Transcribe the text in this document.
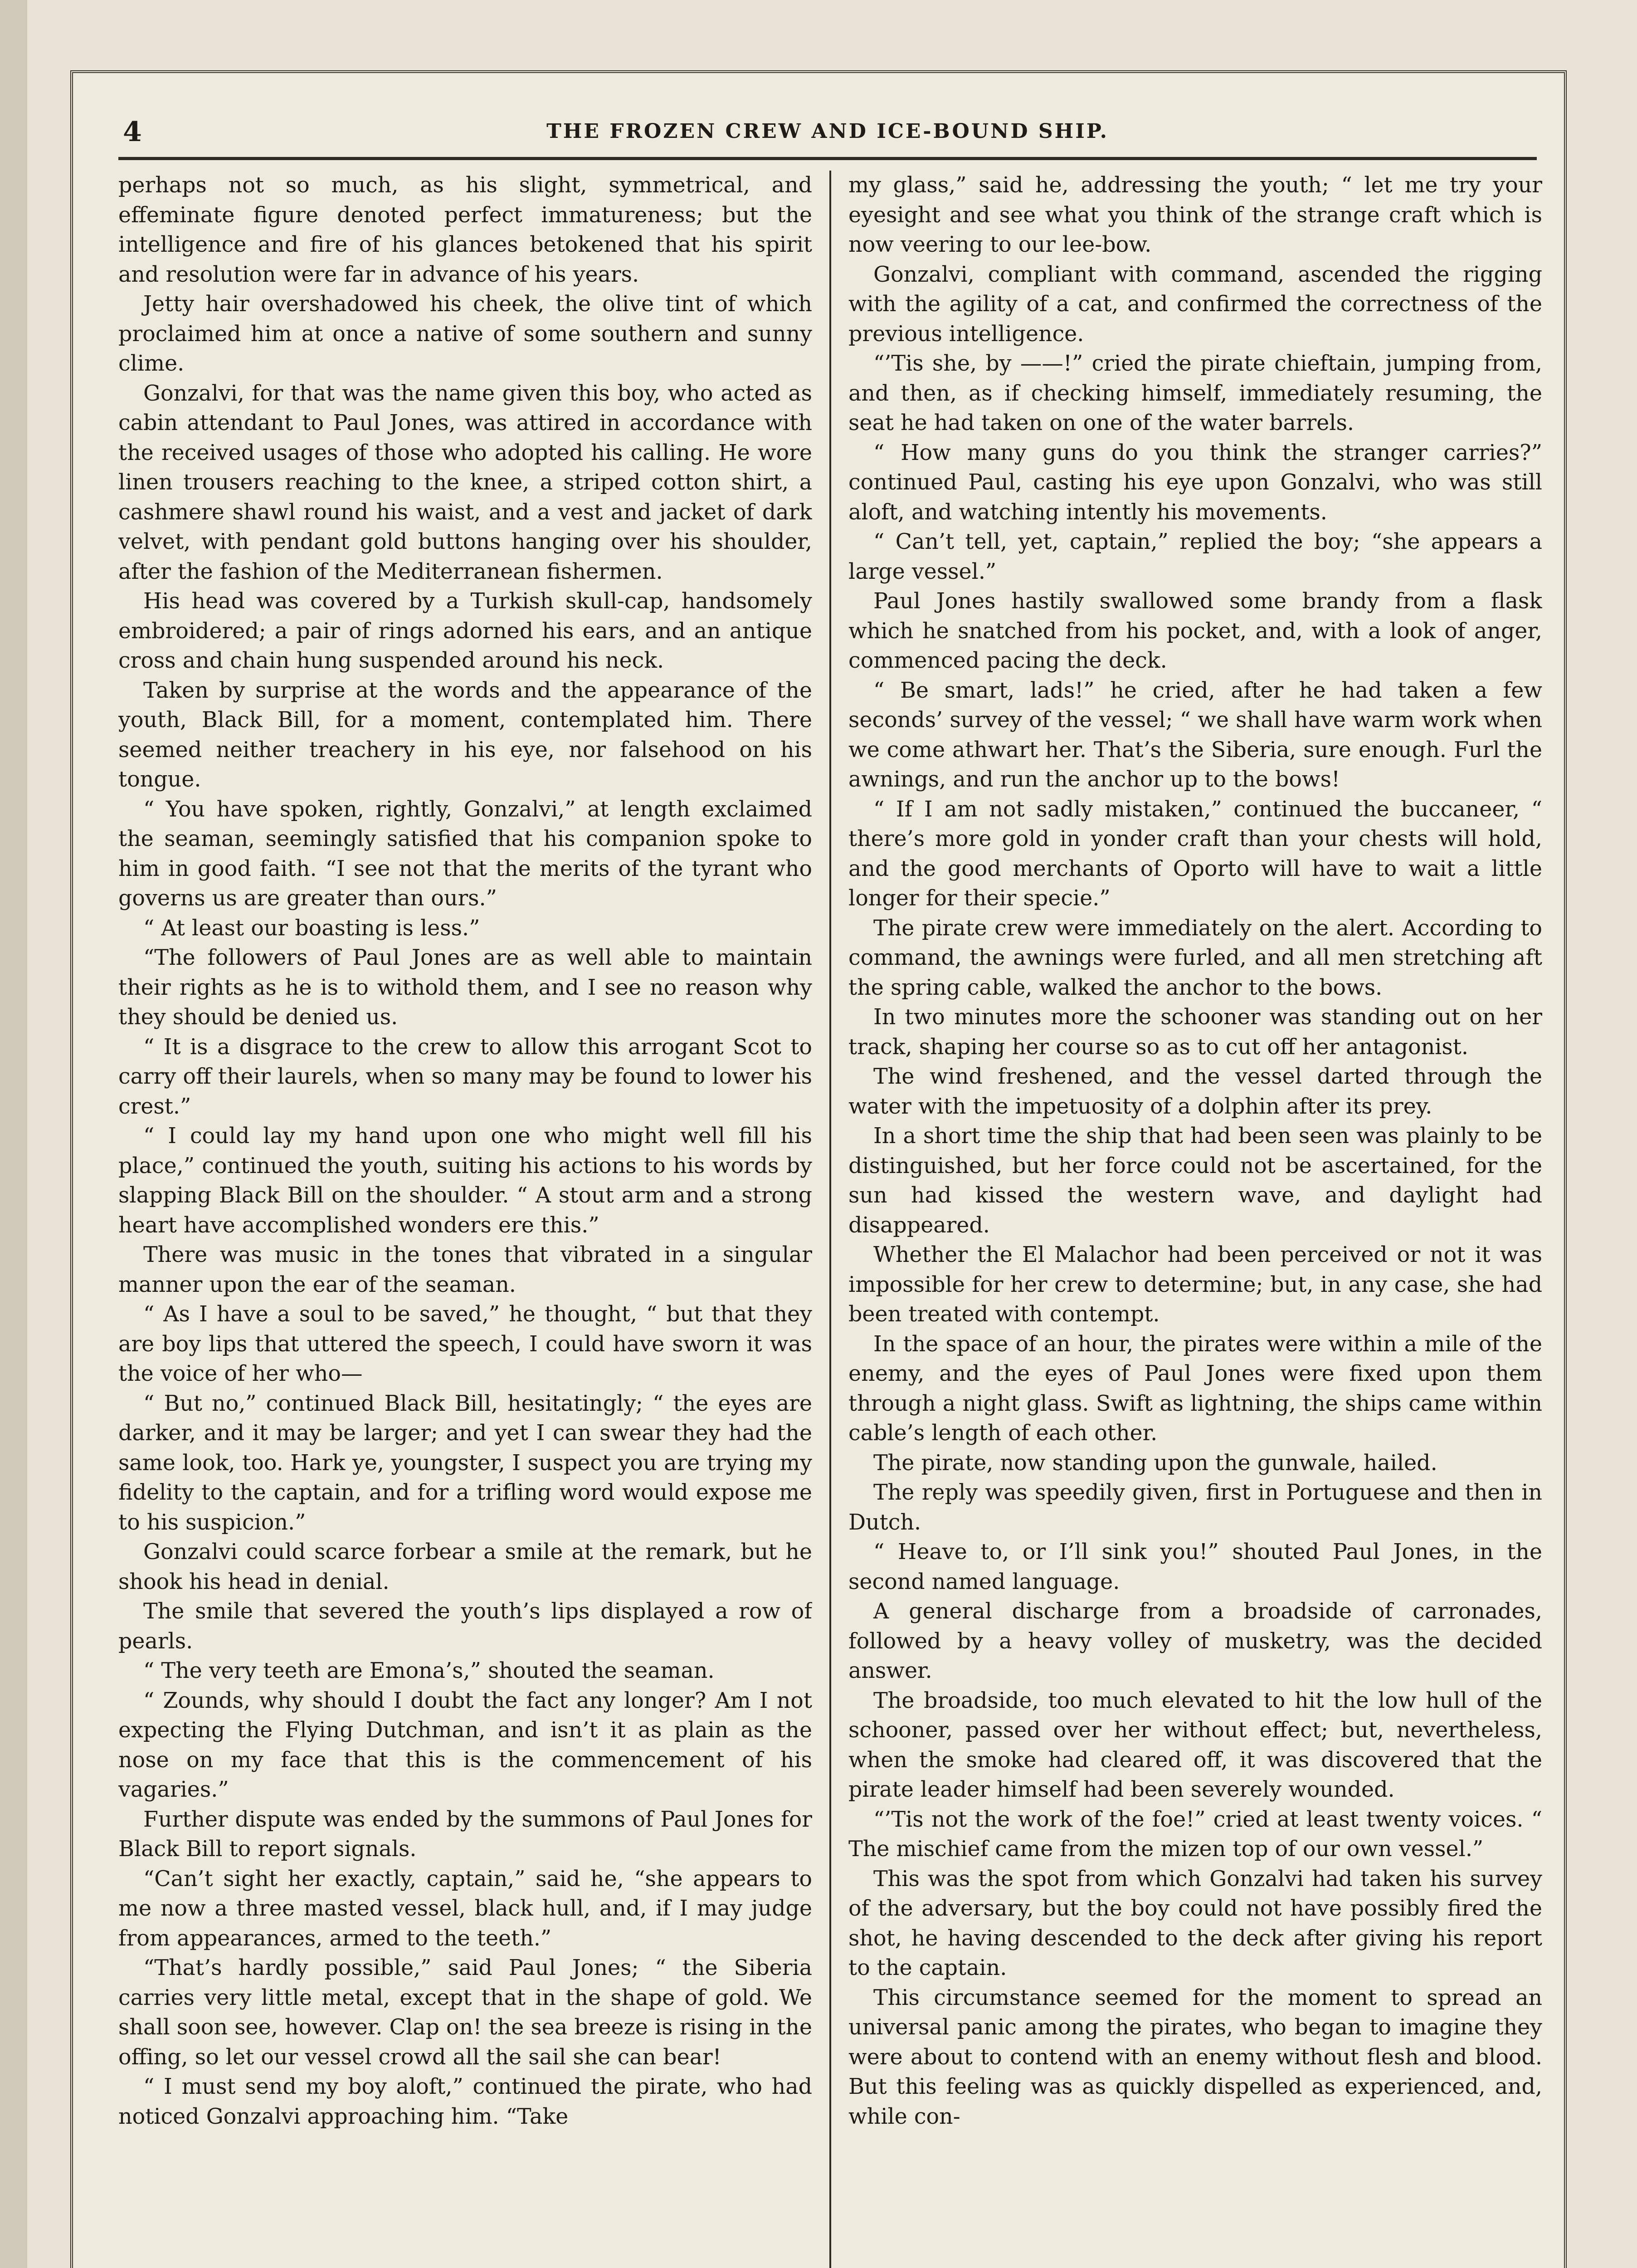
4	THE FROZEN CREW AND ICE-BOUND SHIP.

perhaps not so much, as his slight, symmetrical, and effeminate figure denoted perfect immatureness; but the intelligence and fire of his glances betokened that his spirit and resolution were far in advance of his years.

Jetty hair overshadowed his cheek, the olive tint of which proclaimed him at once a native of some southern and sunny clime.

Gonzalvi, for that was the name given this boy, who acted as cabin attendant to Paul Jones, was attired in accordance with the received usages of those who adopted his calling. He wore linen trousers reaching to the knee, a striped cotton shirt, a cashmere shawl round his waist, and a vest and jacket of dark velvet, with pendant gold buttons hanging over his shoulder, after the fashion of the Mediterranean fishermen.

His head was covered by a Turkish skull-cap, handsomely embroidered; a pair of rings adorned his ears, and an antique cross and chain hung suspended around his neck.

Taken by surprise at the words and the appearance of the youth, Black Bill, for a moment, contemplated him. There seemed neither treachery in his eye, nor falsehood on his tongue.

“ You have spoken, rightly, Gonzalvi,” at length exclaimed the seaman, seemingly satisfied that his companion spoke to him in good faith. “I see not that the merits of the tyrant who governs us are greater than ours.”

“ At least our boasting is less.”

“The followers of Paul Jones are as well able to maintain their rights as he is to withold them, and I see no reason why they should be denied us.

“ It is a disgrace to the crew to allow this arrogant Scot to carry off their laurels, when so many may be found to lower his crest.”

“ I could lay my hand upon one who might well fill his place,” continued the youth, suiting his actions to his words by slapping Black Bill on the shoulder. “ A stout arm and a strong heart have accomplished wonders ere this.”

There was music in the tones that vibrated in a singular manner upon the ear of the seaman.

“ As I have a soul to be saved,” he thought, “ but that they are boy lips that uttered the speech, I could have sworn it was the voice of her who—

“ But no,” continued Black Bill, hesitatingly; “ the eyes are darker, and it may be larger; and yet I can swear they had the same look, too. Hark ye, youngster, I suspect you are trying my fidelity to the captain, and for a trifling word would expose me to his suspicion.”

Gonzalvi could scarce forbear a smile at the remark, but he shook his head in denial.

The smile that severed the youth’s lips displayed a row of pearls.

“ The very teeth are Emona’s,” shouted the seaman.

“ Zounds, why should I doubt the fact any longer? Am I not expecting the Flying Dutchman, and isn’t it as plain as the nose on my face that this is the commencement of his vagaries.”

Further dispute was ended by the summons of Paul Jones for Black Bill to report signals.

“Can’t sight her exactly, captain,” said he, “she appears to me now a three masted vessel, black hull, and, if I may judge from appearances, armed to the teeth.”

“That’s hardly possible,” said Paul Jones; “ the Siberia carries very little metal, except that in the shape of gold. We shall soon see, however. Clap on! the sea breeze is rising in the offing, so let our vessel crowd all the sail she can bear!

“ I must send my boy aloft,” continued the pirate, who had noticed Gonzalvi approaching him. “Take

my glass,” said he, addressing the youth; “ let me try your eyesight and see what you think of the strange craft which is now veering to our lee-bow.

Gonzalvi, compliant with command, ascended the rigging with the agility of a cat, and confirmed the correctness of the previous intelligence.

“’Tis she, by ——!” cried the pirate chieftain, jumping from, and then, as if checking himself, immediately resuming, the seat he had taken on one of the water barrels.

“ How many guns do you think the stranger carries?” continued Paul, casting his eye upon Gonzalvi, who was still aloft, and watching intently his movements.

“ Can’t tell, yet, captain,” replied the boy; “she appears a large vessel.”

Paul Jones hastily swallowed some brandy from a flask which he snatched from his pocket, and, with a look of anger, commenced pacing the deck.

“ Be smart, lads!” he cried, after he had taken a few seconds’ survey of the vessel; “ we shall have warm work when we come athwart her. That’s the Siberia, sure enough. Furl the awnings, and run the anchor up to the bows!

“ If I am not sadly mistaken,” continued the buccaneer, “ there’s more gold in yonder craft than your chests will hold, and the good merchants of Oporto will have to wait a little longer for their specie.”

The pirate crew were immediately on the alert. According to command, the awnings were furled, and all men stretching aft the spring cable, walked the anchor to the bows.

In two minutes more the schooner was standing out on her track, shaping her course so as to cut off her antagonist.

The wind freshened, and the vessel darted through the water with the impetuosity of a dolphin after its prey.

In a short time the ship that had been seen was plainly to be distinguished, but her force could not be ascertained, for the sun had kissed the western wave, and daylight had disappeared.

Whether the El Malachor had been perceived or not it was impossible for her crew to determine; but, in any case, she had been treated with contempt.

In the space of an hour, the pirates were within a mile of the enemy, and the eyes of Paul Jones were fixed upon them through a night glass. Swift as lightning, the ships came within cable’s length of each other.

The pirate, now standing upon the gunwale, hailed.

The reply was speedily given, first in Portuguese and then in Dutch.

“ Heave to, or I’ll sink you!” shouted Paul Jones, in the second named language.

A general discharge from a broadside of carronades, followed by a heavy volley of musketry, was the decided answer.

The broadside, too much elevated to hit the low hull of the schooner, passed over her without effect; but, nevertheless, when the smoke had cleared off, it was discovered that the pirate leader himself had been severely wounded.

“’Tis not the work of the foe!” cried at least twenty voices. “ The mischief came from the mizen top of our own vessel.”

This was the spot from which Gonzalvi had taken his survey of the adversary, but the boy could not have possibly fired the shot, he having descended to the deck after giving his report to the captain.

This circumstance seemed for the moment to spread an universal panic among the pirates, who began to imagine they were about to contend with an enemy without flesh and blood. But this feeling was as quickly dispelled as experienced, and, while con-
